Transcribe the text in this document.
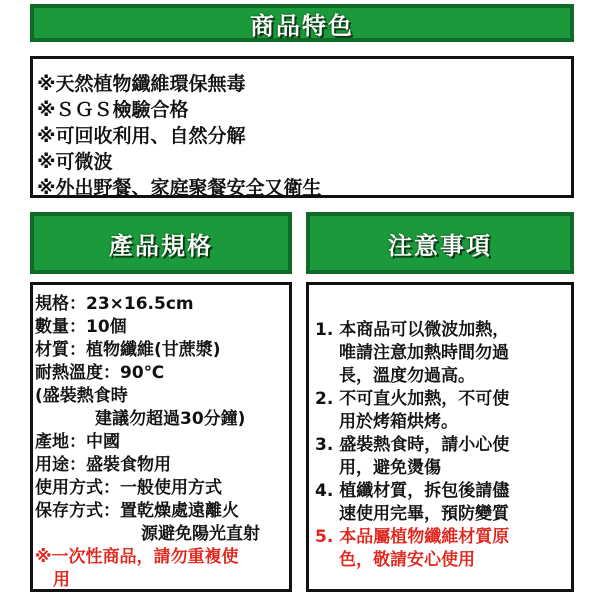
商品特色
※天然植物纖維環保無毒
※ＳＧＳ檢驗合格
※可回收利用、自然分解
※可微波
※外出野餐、家庭聚餐安全又衛生
產品規格
規格：23×16.5cm
數量：10個
材質：植物纖維(甘蔗漿)
耐熱溫度：90℃
(盛裝熱食時
建議勿超過30分鐘)
產地：中國
用途：盛裝食物用
使用方式：一般使用方式
保存方式：置乾燥處遠離火
源避免陽光直射
※一次性商品，請勿重複使
用
注意事項
1. 本商品可以微波加熱，
唯請注意加熱時間勿過
長，溫度勿過高。
2. 不可直火加熱，不可使
用於烤箱烘烤。
3. 盛裝熱食時，請小心使
用，避免燙傷
4. 植纖材質，拆包後請儘
速使用完畢，預防變質
5. 本品屬植物纖維材質原
色，敬請安心使用
